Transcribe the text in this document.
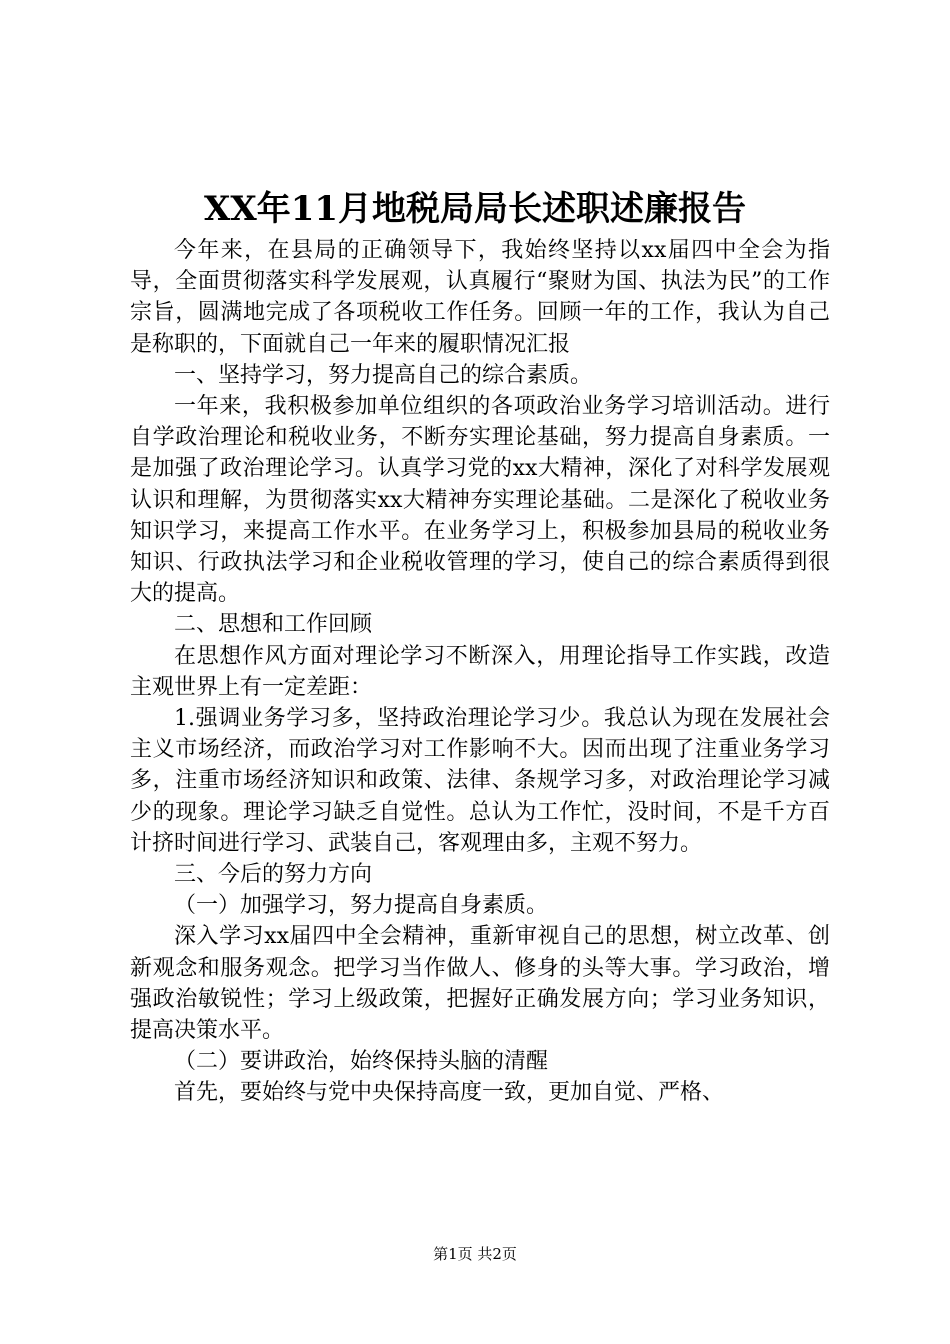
XX年11月地税局局长述职述廉报告

今年来，在县局的正确领导下，我始终坚持以xx届四中全会为指导，全面贯彻落实科学发展观，认真履行“聚财为国、执法为民”的工作宗旨，圆满地完成了各项税收工作任务。回顾一年的工作，我认为自己是称职的，下面就自己一年来的履职情况汇报

一、坚持学习，努力提高自己的综合素质。

一年来，我积极参加单位组织的各项政治业务学习培训活动。进行自学政治理论和税收业务，不断夯实理论基础，努力提高自身素质。一是加强了政治理论学习。认真学习党的xx大精神，深化了对科学发展观认识和理解，为贯彻落实xx大精神夯实理论基础。二是深化了税收业务知识学习，来提高工作水平。在业务学习上，积极参加县局的税收业务知识、行政执法学习和企业税收管理的学习，使自己的综合素质得到很大的提高。

二、思想和工作回顾

在思想作风方面对理论学习不断深入，用理论指导工作实践，改造主观世界上有一定差距：

1.强调业务学习多，坚持政治理论学习少。我总认为现在发展社会主义市场经济，而政治学习对工作影响不大。因而出现了注重业务学习多，注重市场经济知识和政策、法律、条规学习多，对政治理论学习减少的现象。理论学习缺乏自觉性。总认为工作忙，没时间，不是千方百计挤时间进行学习、武装自己，客观理由多，主观不努力。

三、今后的努力方向

（一）加强学习，努力提高自身素质。

深入学习xx届四中全会精神，重新审视自己的思想，树立改革、创新观念和服务观念。把学习当作做人、修身的头等大事。学习政治，增强政治敏锐性；学习上级政策，把握好正确发展方向；学习业务知识，提高决策水平。

（二）要讲政治，始终保持头脑的清醒

首先，要始终与党中央保持高度一致，更加自觉、严格、

第1页 共2页
